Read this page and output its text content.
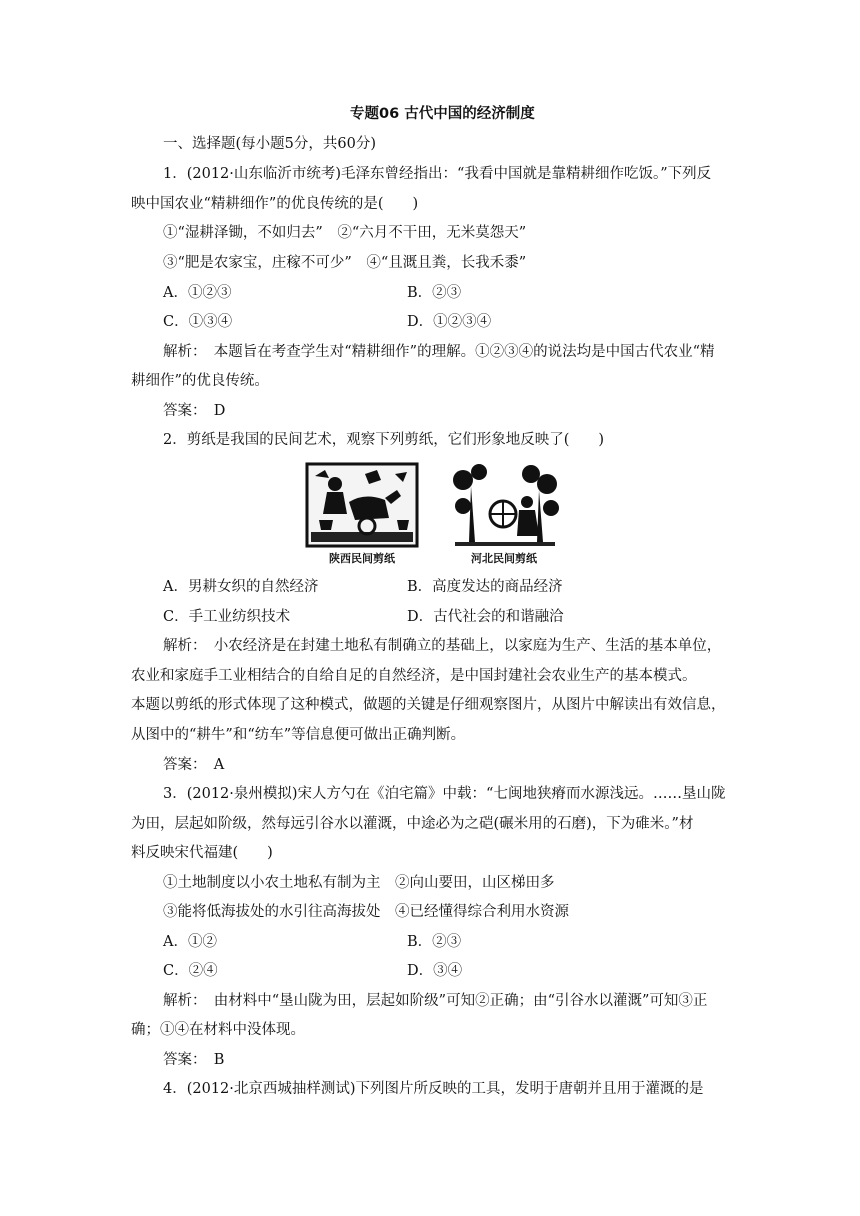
专题06 古代中国的经济制度
一、选择题(每小题5分，共60分)
1．(2012·山东临沂市统考)毛泽东曾经指出：“我看中国就是靠精耕细作吃饭。”下列反
映中国农业“精耕细作”的优良传统的是(　　)
①“湿耕泽锄，不如归去”　②“六月不干田，无米莫怨天”
③“肥是农家宝，庄稼不可少”　④“且溉且粪，长我禾黍”
A．①②③	B．②③
C．①③④	D．①②③④
解析：　本题旨在考查学生对“精耕细作”的理解。①②③④的说法均是中国古代农业“精
耕细作”的优良传统。
答案：　D
2．剪纸是我国的民间艺术，观察下列剪纸，它们形象地反映了(　　)
陕西民间剪纸	河北民间剪纸
A．男耕女织的自然经济	B．高度发达的商品经济
C．手工业纺织技术	D．古代社会的和谐融洽
解析：　小农经济是在封建土地私有制确立的基础上，以家庭为生产、生活的基本单位，
农业和家庭手工业相结合的自给自足的自然经济，是中国封建社会农业生产的基本模式。
本题以剪纸的形式体现了这种模式，做题的关键是仔细观察图片，从图片中解读出有效信息，
从图中的“耕牛”和“纺车”等信息便可做出正确判断。
答案：　A
3．(2012·泉州模拟)宋人方勺在《泊宅篇》中载：“七闽地狭瘠而水源浅远。……垦山陇
为田，层起如阶级，然每远引谷水以灌溉，中途必为之硙(碾米用的石磨)，下为碓米。”材
料反映宋代福建(　　)
①土地制度以小农土地私有制为主　②向山要田，山区梯田多
③能将低海拔处的水引往高海拔处　④已经懂得综合利用水资源
A．①②	B．②③
C．②④	D．③④
解析：　由材料中“垦山陇为田，层起如阶级”可知②正确；由“引谷水以灌溉”可知③正
确；①④在材料中没体现。
答案：　B
4．(2012·北京西城抽样测试)下列图片所反映的工具，发明于唐朝并且用于灌溉的是
